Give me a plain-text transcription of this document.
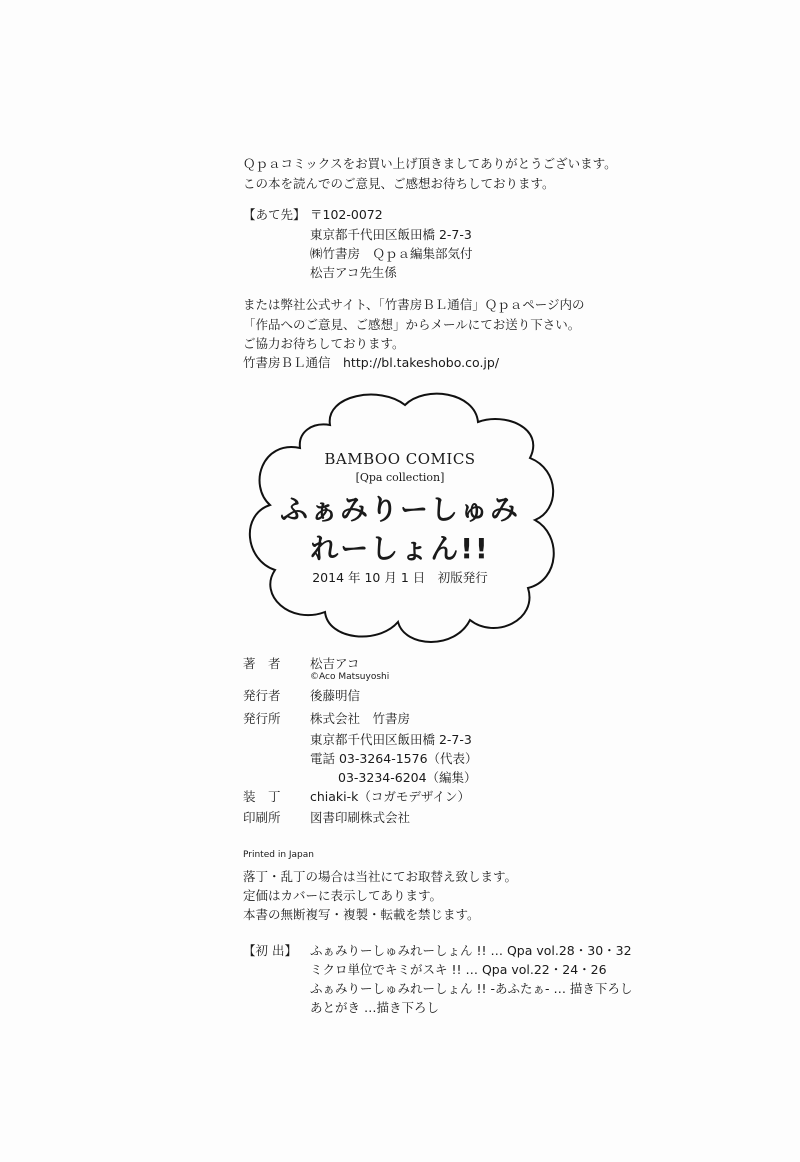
Ｑｐａコミックスをお買い上げ頂きましてありがとうございます。
この本を読んでのご意見、ご感想お待ちしております。
【あて先】 〒102-0072
東京都千代田区飯田橋 2-7-3
㈱竹書房　Ｑｐａ編集部気付
松吉アコ先生係
または弊社公式サイト、「竹書房ＢＬ通信」Ｑｐａページ内の
「作品へのご意見、ご感想」からメールにてお送り下さい。
ご協力お待ちしております。
竹書房ＢＬ通信　http://bl.takeshobo.co.jp/
BAMBOO COMICS
[Qpa collection]
ふぁみりーしゅみ
れーしょん!!
2014 年 10 月 1 日　初版発行
著　者 松吉アコ
©Aco Matsuyoshi
発行者 後藤明信
発行所 株式会社　竹書房
東京都千代田区飯田橋 2-7-3
電話 03-3264-1576（代表）
03-3234-6204（編集）
装　丁 chiaki-k（コガモデザイン）
印刷所 図書印刷株式会社
Printed in Japan
落丁・乱丁の場合は当社にてお取替え致します。
定価はカバーに表示してあります。
本書の無断複写・複製・転載を禁じます。
【初 出】 ふぁみりーしゅみれーしょん !! … Qpa vol.28・30・32
ミクロ単位でキミがスキ !! … Qpa vol.22・24・26
ふぁみりーしゅみれーしょん !! -あふたぁ- … 描き下ろし
あとがき …描き下ろし
